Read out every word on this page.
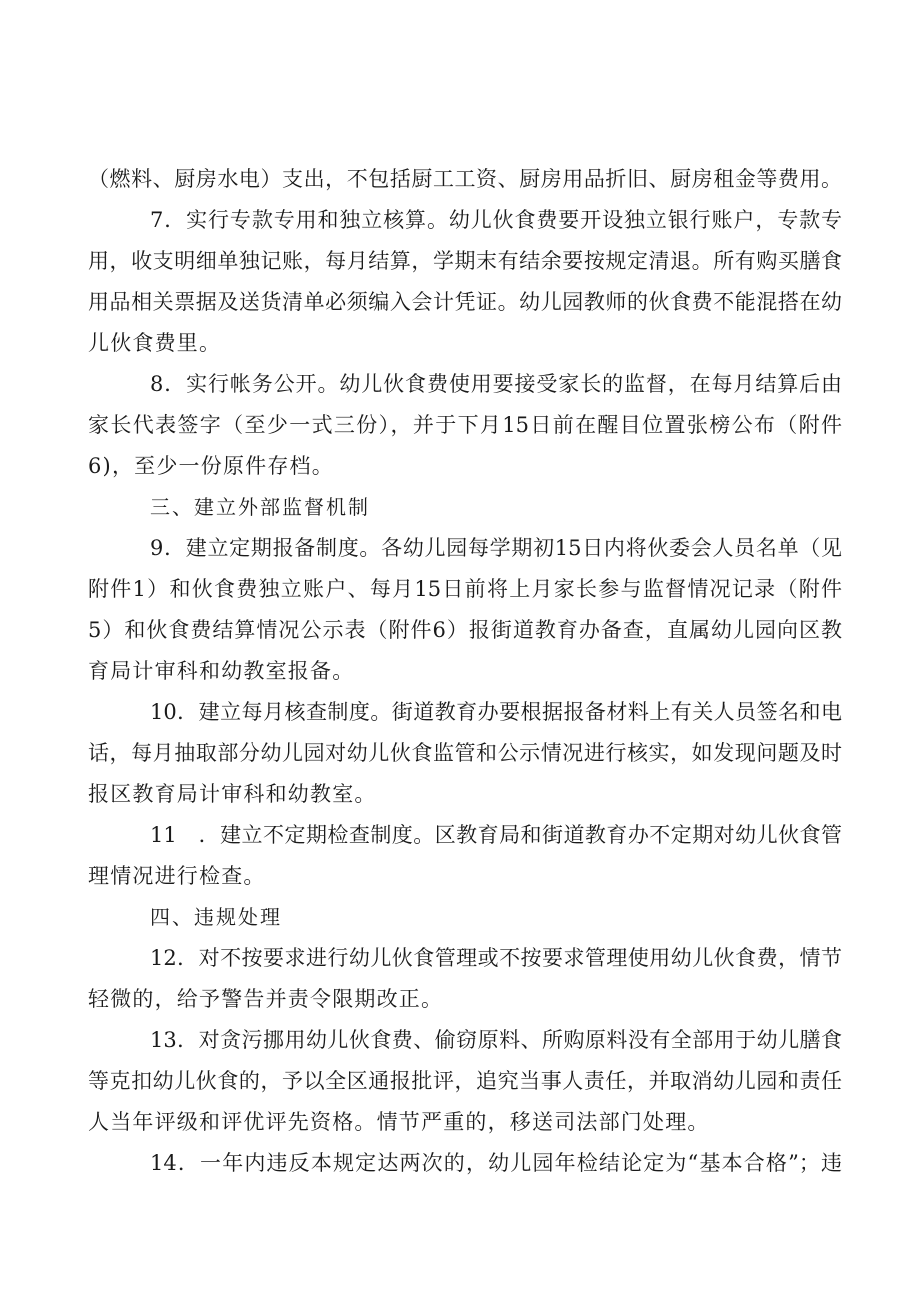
（燃料、厨房水电）支出，不包括厨工工资、厨房用品折旧、厨房租金等费用。
7．实行专款专用和独立核算。幼儿伙食费要开设独立银行账户，专款专
用，收支明细单独记账，每月结算，学期末有结余要按规定清退。所有购买膳食
用品相关票据及送货清单必须编入会计凭证。幼儿园教师的伙食费不能混搭在幼
儿伙食费里。
8．实行帐务公开。幼儿伙食费使用要接受家长的监督，在每月结算后由
家长代表签字（至少一式三份），并于下月15日前在醒目位置张榜公布（附件
6)，至少一份原件存档。
三、建立外部监督机制
9．建立定期报备制度。各幼儿园每学期初15日内将伙委会人员名单（见
附件1）和伙食费独立账户、每月15日前将上月家长参与监督情况记录（附件
5）和伙食费结算情况公示表（附件6）报街道教育办备查，直属幼儿园向区教
育局计审科和幼教室报备。
10．建立每月核查制度。街道教育办要根据报备材料上有关人员签名和电
话，每月抽取部分幼儿园对幼儿伙食监管和公示情况进行核实，如发现问题及时
报区教育局计审科和幼教室。
11　．建立不定期检查制度。区教育局和街道教育办不定期对幼儿伙食管
理情况进行检查。
四、违规处理
12．对不按要求进行幼儿伙食管理或不按要求管理使用幼儿伙食费，情节
轻微的，给予警告并责令限期改正。
13．对贪污挪用幼儿伙食费、偷窃原料、所购原料没有全部用于幼儿膳食
等克扣幼儿伙食的，予以全区通报批评，追究当事人责任，并取消幼儿园和责任
人当年评级和评优评先资格。情节严重的，移送司法部门处理。
14．一年内违反本规定达两次的，幼儿园年检结论定为“基本合格”；违
